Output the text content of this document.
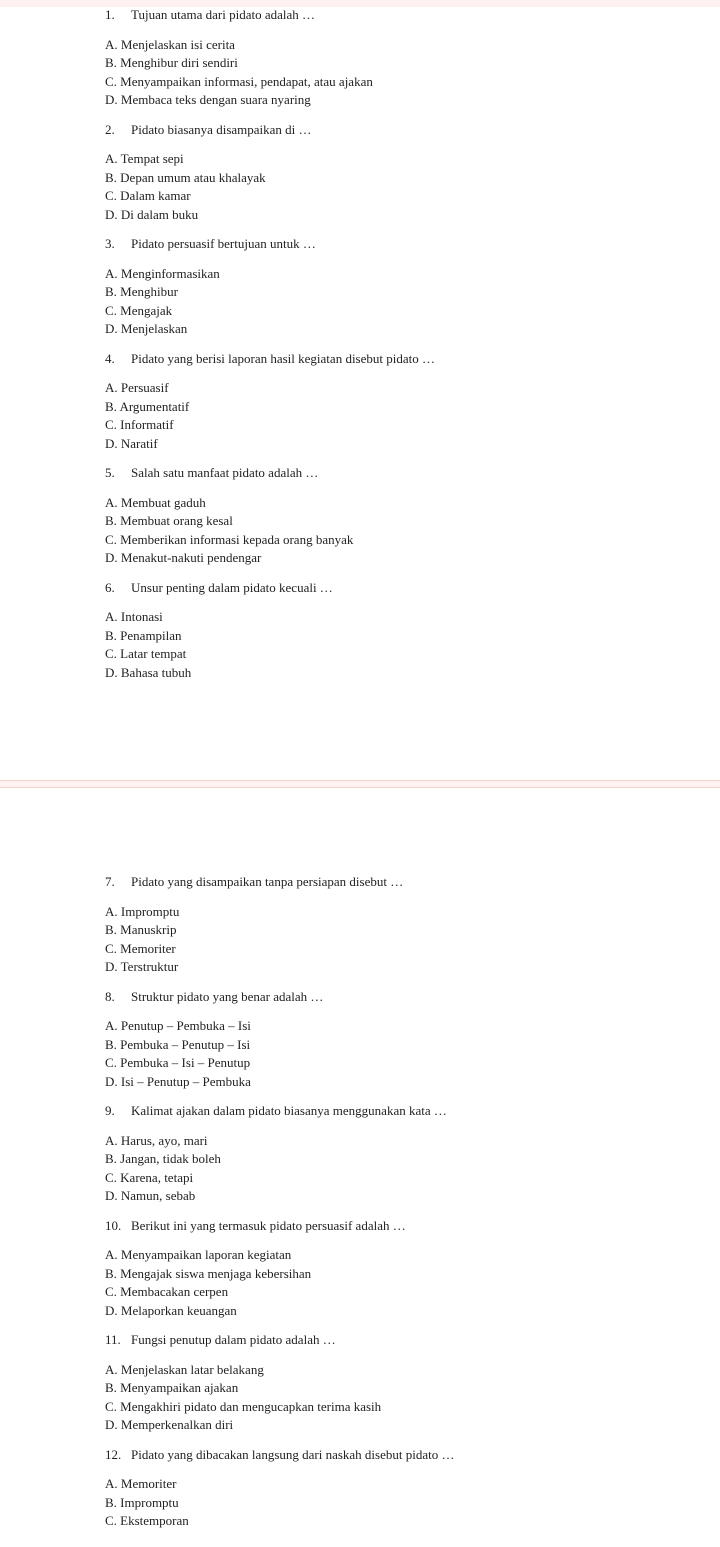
1. Tujuan utama dari pidato adalah …
A. Menjelaskan isi cerita
B. Menghibur diri sendiri
C. Menyampaikan informasi, pendapat, atau ajakan
D. Membaca teks dengan suara nyaring
2. Pidato biasanya disampaikan di …
A. Tempat sepi
B. Depan umum atau khalayak
C. Dalam kamar
D. Di dalam buku
3. Pidato persuasif bertujuan untuk …
A. Menginformasikan
B. Menghibur
C. Mengajak
D. Menjelaskan
4. Pidato yang berisi laporan hasil kegiatan disebut pidato …
A. Persuasif
B. Argumentatif
C. Informatif
D. Naratif
5. Salah satu manfaat pidato adalah …
A. Membuat gaduh
B. Membuat orang kesal
C. Memberikan informasi kepada orang banyak
D. Menakut-nakuti pendengar
6. Unsur penting dalam pidato kecuali …
A. Intonasi
B. Penampilan
C. Latar tempat
D. Bahasa tubuh
7. Pidato yang disampaikan tanpa persiapan disebut …
A. Impromptu
B. Manuskrip
C. Memoriter
D. Terstruktur
8. Struktur pidato yang benar adalah …
A. Penutup – Pembuka – Isi
B. Pembuka – Penutup – Isi
C. Pembuka – Isi – Penutup
D. Isi – Penutup – Pembuka
9. Kalimat ajakan dalam pidato biasanya menggunakan kata …
A. Harus, ayo, mari
B. Jangan, tidak boleh
C. Karena, tetapi
D. Namun, sebab
10. Berikut ini yang termasuk pidato persuasif adalah …
A. Menyampaikan laporan kegiatan
B. Mengajak siswa menjaga kebersihan
C. Membacakan cerpen
D. Melaporkan keuangan
11. Fungsi penutup dalam pidato adalah …
A. Menjelaskan latar belakang
B. Menyampaikan ajakan
C. Mengakhiri pidato dan mengucapkan terima kasih
D. Memperkenalkan diri
12. Pidato yang dibacakan langsung dari naskah disebut pidato …
A. Memoriter
B. Impromptu
C. Ekstemporan
